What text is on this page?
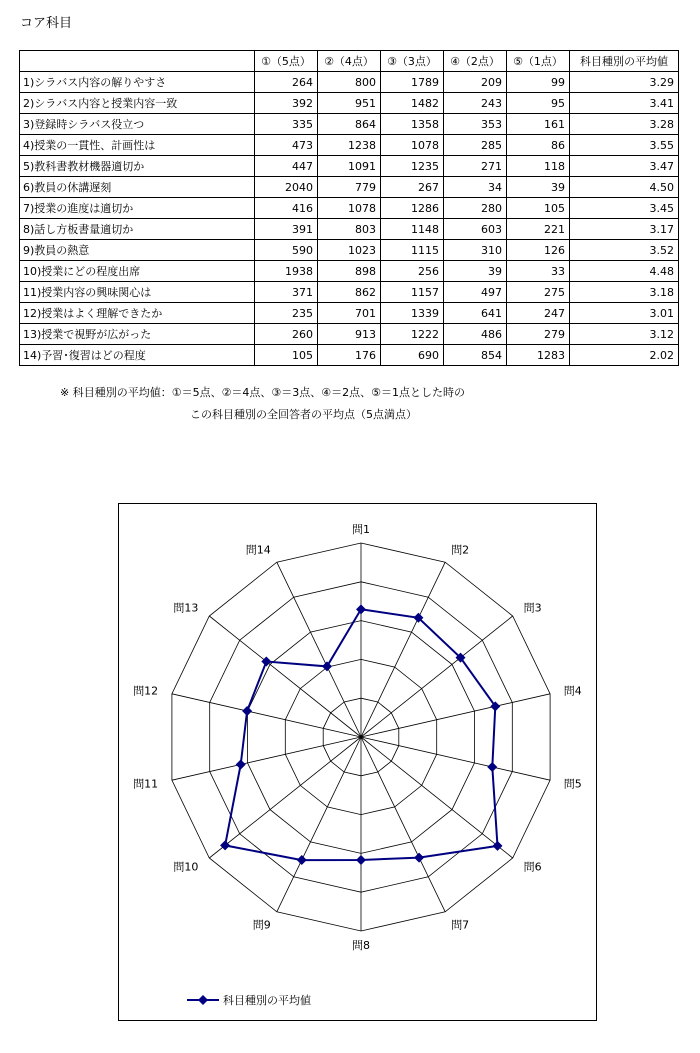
コア科目
	①（5点）	②（4点）	③（3点）	④（2点）	⑤（1点）	科目種別の平均値
1)シラバス内容の解りやすさ	264	800	1789	209	99	3.29
2)シラバス内容と授業内容一致	392	951	1482	243	95	3.41
3)登録時シラバス役立つ	335	864	1358	353	161	3.28
4)授業の一貫性、計画性は	473	1238	1078	285	86	3.55
5)教科書教材機器適切か	447	1091	1235	271	118	3.47
6)教員の休講遅刻	2040	779	267	34	39	4.50
7)授業の進度は適切か	416	1078	1286	280	105	3.45
8)話し方板書量適切か	391	803	1148	603	221	3.17
9)教員の熱意	590	1023	1115	310	126	3.52
10)授業にどの程度出席	1938	898	256	39	33	4.48
11)授業内容の興味関心は	371	862	1157	497	275	3.18
12)授業はよく理解できたか	235	701	1339	641	247	3.01
13)授業で視野が広がった	260	913	1222	486	279	3.12
14)予習･復習はどの程度	105	176	690	854	1283	2.02
※ 科目種別の平均値：①＝5点、②＝4点、③＝3点、④＝2点、⑤＝1点とした時の
この科目種別の全回答者の平均点（5点満点）
問1
問2
問3
問4
問5
問6
問7
問8
問9
問10
問11
問12
問13
問14
科目種別の平均値
